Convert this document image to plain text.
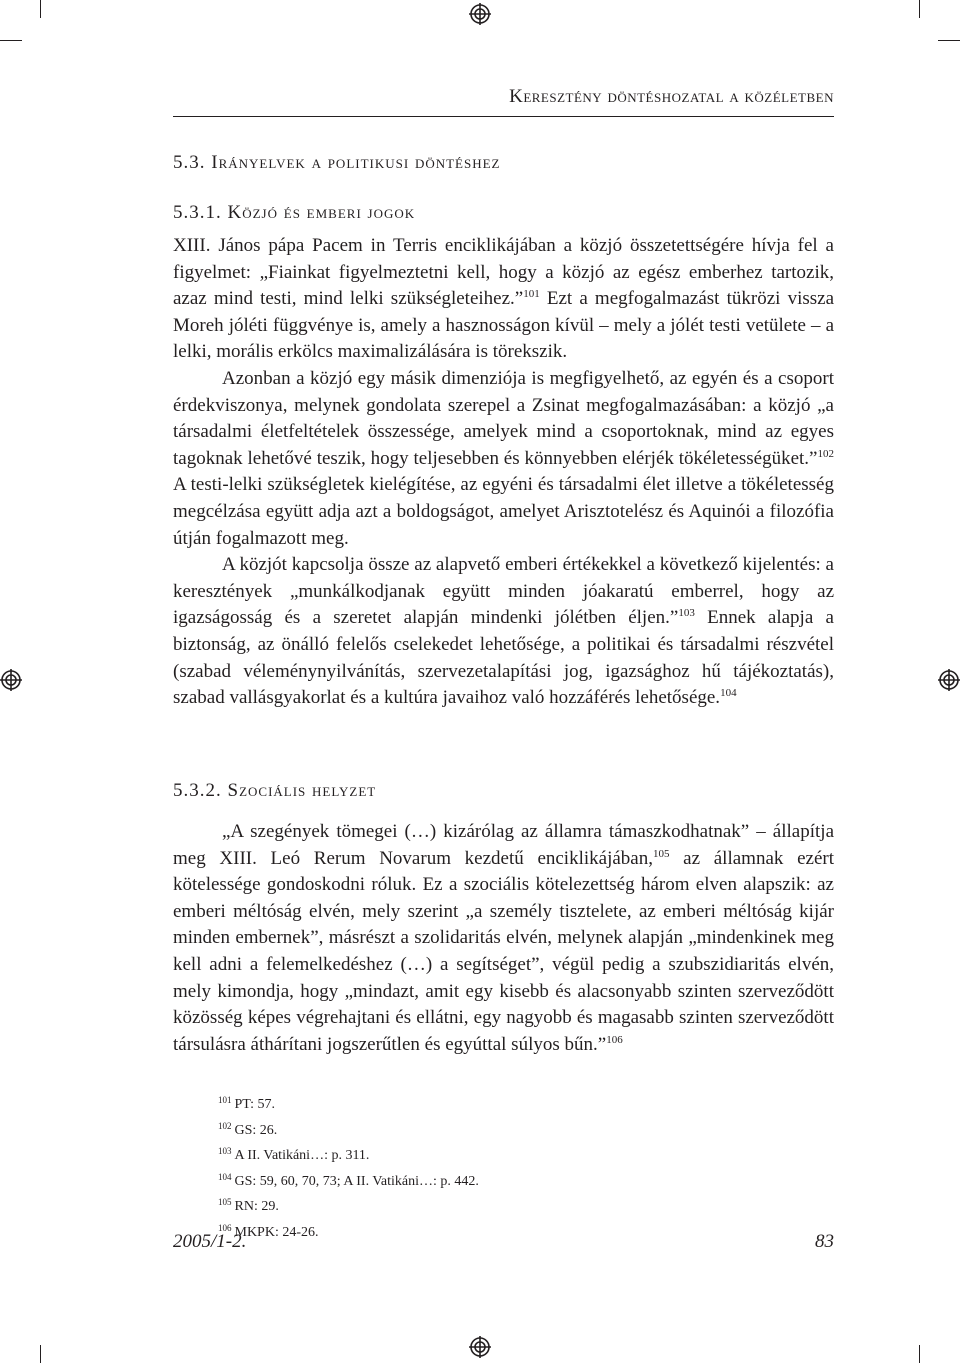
Keresztény döntéshozatal a közéletben
5.3. Irányelvek a politikusi döntéshez
5.3.1. Közjó és emberi jogok

XIII. János pápa Pacem in Terris enciklikájában a közjó összetettségére hívja fel a figyelmet: „Fiainkat figyelmeztetni kell, hogy a közjó az egész emberhez tartozik, azaz mind testi, mind lelki szükségleteihez.”$^{101}$ Ezt a megfogalmazást tükrözi vissza Moreh jóléti függvénye is, amely a hasznosságon kívül – mely a jólét testi vetülete – a lelki, morális erkölcs maximalizálására is törekszik.

Azonban a közjó egy másik dimenziója is megfigyelhető, az egyén és a csoport érdekviszonya, melynek gondolata szerepel a Zsinat megfogalmazásában: a közjó „a társadalmi életfeltételek összessége, amelyek mind a csoportoknak, mind az egyes tagoknak lehetővé teszik, hogy teljesebben és könnyebben elérjék tökéletességüket.”$^{102}$ A testi-lelki szükségletek kielégítése, az egyéni és társadalmi élet illetve a tökéletesség megcélzása együtt adja azt a boldogságot, amelyet Arisztotelész és Aquinói a filozófia útján fogalmazott meg.

A közjót kapcsolja össze az alapvető emberi értékekkel a következő kijelentés: a keresztények „munkálkodjanak együtt minden jóakaratú emberrel, hogy az igazságosság és a szeretet alapján mindenki jólétben éljen.”$^{103}$ Ennek alapja a biztonság, az önálló felelős cselekedet lehetősége, a politikai és társadalmi részvétel (szabad véleménynyilvánítás, szervezetalapítási jog, igazsághoz hű tájékoztatás), szabad vallásgyakorlat és a kultúra javaihoz való hozzáférés lehetősége.$^{104}$

5.3.2. Szociális helyzet

„A szegények tömegei (…) kizárólag az államra támaszkodhatnak” – állapítja meg XIII. Leó Rerum Novarum kezdetű enciklikájában,$^{105}$ az államnak ezért kötelessége gondoskodni róluk. Ez a szociális kötelezettség három elven alapszik: az emberi méltóság elvén, mely szerint „a személy tisztelete, az emberi méltóság kijár minden embernek”, másrészt a szolidaritás elvén, melynek alapján „mindenkinek meg kell adni a felemelkedéshez (…) a segítséget”, végül pedig a szubszidiaritás elvén, mely kimondja, hogy „mindazt, amit egy kisebb és alacsonyabb szinten szerveződött közösség képes végrehajtani és ellátni, egy nagyobb és magasabb szinten szerveződött társulásra áthárítani jogszerűtlen és egyúttal súlyos bűn.”$^{106}$

$^{101}$ PT: 57.
$^{102}$ GS: 26.
$^{103}$ A II. Vatikáni…: p. 311.
$^{104}$ GS: 59, 60, 70, 73; A II. Vatikáni…: p. 442.
$^{105}$ RN: 29.
$^{106}$ MKPK: 24-26.
2005/1-2.	83
